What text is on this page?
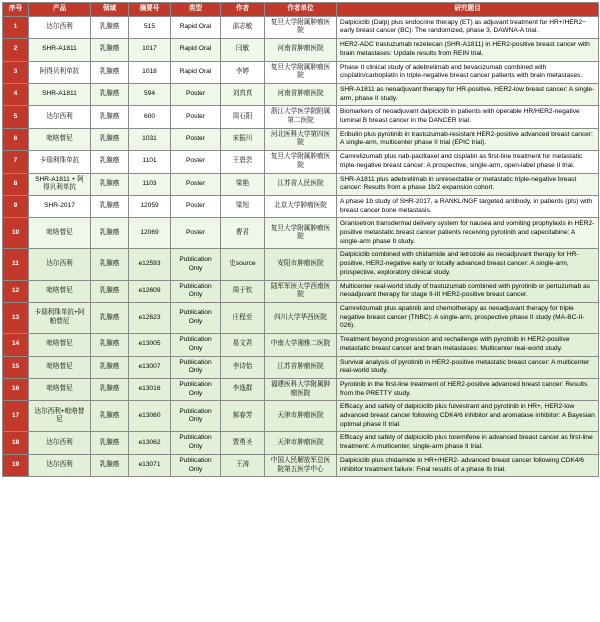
序号	产品	领域	摘要号	类型	作者	作者单位	研究题目
1	达尔西利	乳腺癌	515	Rapid Oral	邵志敏	复旦大学附属肿瘤医院	Dalpiciclib (Dalp) plus endocrine therapy (ET) as adjuvant treatment for HR+/HER2− early breast cancer (BC): The randomized, phase 3, DAWNA-A trial.
2	SHR-A1811	乳腺癌	1017	Rapid Oral	闫敏	河南省肿瘤医院	HER2-ADC trastuzumab rezetecan (SHR-A1811) in HER2-positive breast cancer with brain metastases: Update results from REIN trial.
3	阿得贝利单抗	乳腺癌	1018	Rapid Oral	李婷	复旦大学附属肿瘤医院	Phase II clinical study of adebrelimab and bevacizumab combined with cisplatin/carboplatin in triple-negative breast cancer patients with brain metastases.
4	SHR-A1811	乳腺癌	594	Poster	刘真真	河南省肿瘤医院	SHR-A1811 as neoadjuvant therapy for HR-positive, HER2-low breast cancer: A single-arm, phase II study.
5	达尔西利	乳腺癌	600	Poster	周石阳	浙江大学医学院附属第二医院	Biomarkers of neoadjuvant dalpiciclib in patients with operable HR/HER2-negative luminal B breast cancer in the DANCER trial.
6	吡咯替尼	乳腺癌	1031	Poster	宋振川	河北医科大学第四医院	Eribulin plus pyrotinib in trastuzumab-resistant HER2-positive advanced breast cancer: A single-arm, multicenter phase II trial (EPIC trial).
7	卡瑞利珠单抗	乳腺癌	1101	Poster	王碧芸	复旦大学附属肿瘤医院	Camrelizumab plus nab-paclitaxel and cisplatin as first-line treatment for metastatic triple-negative breast cancer: A prospective, single-arm, open-label phase II trial.
8	SHR-A1811 + 阿得贝利单抗	乳腺癌	1103	Poster	梁艳	江苏省人民医院	SHR-A1811 plus adebrelimab in unresectable or metastatic triple-negative breast cancer: Results from a phase 1b/2 expansion cohort.
9	SHR-2017	乳腺癌	12059	Poster	梁旭	北京大学肿瘤医院	A phase 1b study of SHR-2017, a RANKL/NGF targeted antibody, in patients (pts) with breast cancer bone metastasis.
10	吡咯替尼	乳腺癌	12069	Poster	曹君	复旦大学附属肿瘤医院	Granisetron transdermal delivery system for nausea and vomiting prophylaxis in HER2-positive metastatic breast cancer patients receiving pyrotinib and capecitabine: A single-arm phase II study.
11	达尔西利	乳腺癌	e12593	Publication Only	史source	安阳市肿瘤医院	Dalpiciclib combined with chidamide and letrozole as neoadjuvant therapy for HR-positive, HER2-negative early or locally advanced breast cancer: A single-arm, prospective, exploratory clinical study.
12	吡咯替尼	乳腺癌	e12609	Publication Only	周于钦	陆军军医大学西南医院	Multicenter real-world study of trastuzumab combined with pyrotinib or pertuzumab as neoadjuvant therapy for stage II-III HER2-positive breast cancer.
13	卡瑞利珠单抗+阿帕替尼	乳腺癌	e12623	Publication Only	庄程至	四川大学华西医院	Camrelizumab plus apatinib and chemotherapy as neoadjuvant therapy for triple negative breast cancer (TNBC): A single-arm, prospective phase II study (MA-BC-II-026).
14	吡咯替尼	乳腺癌	e13005	Publication Only	易文君	中南大学湘雅二医院	Treatment beyond progression and rechallenge with pyrotinib in HER2-positive metastatic breast cancer and brain metastases: Multicenter real-world study.
15	吡咯替尼	乳腺癌	e13007	Publication Only	李诗怡	江苏省肿瘤医院	Survival analysis of pyrotinib in HER2-positive metastatic breast cancer: A multicenter real-world study.
16	吡咯替尼	乳腺癌	e13016	Publication Only	李逸群	福建医科大学附属肿瘤医院	Pyrotinib in the first-line treatment of HER2-positive advanced breast cancer: Results from the PRETTY study.
17	达尔西利+吡咯替尼	乳腺癌	e13060	Publication Only	郝春芳	天津市肿瘤医院	Efficacy and safety of dalpiciclib plus fulvestrant and pyrotinib in HR+, HER2-low advanced breast cancer following CDK4/6 inhibitor and aromatase inhibitor: A Bayesian optimal phase II trial.
18	达尔西利	乳腺癌	e13062	Publication Only	贾勇圣	天津市肿瘤医院	Efficacy and safety of dalpiciclib plus toremifene in advanced breast cancer as first-line treatment: A multicenter, single-arm phase II trial.
19	达尔西利	乳腺癌	e13071	Publication Only	王涛	中国人民解放军总医院第五医学中心	Dalpiciclib plus chidamide in HR+/HER2- advanced breast cancer following CDK4/6 inhibitor treatment failure: Final results of a phase Ib trial.
